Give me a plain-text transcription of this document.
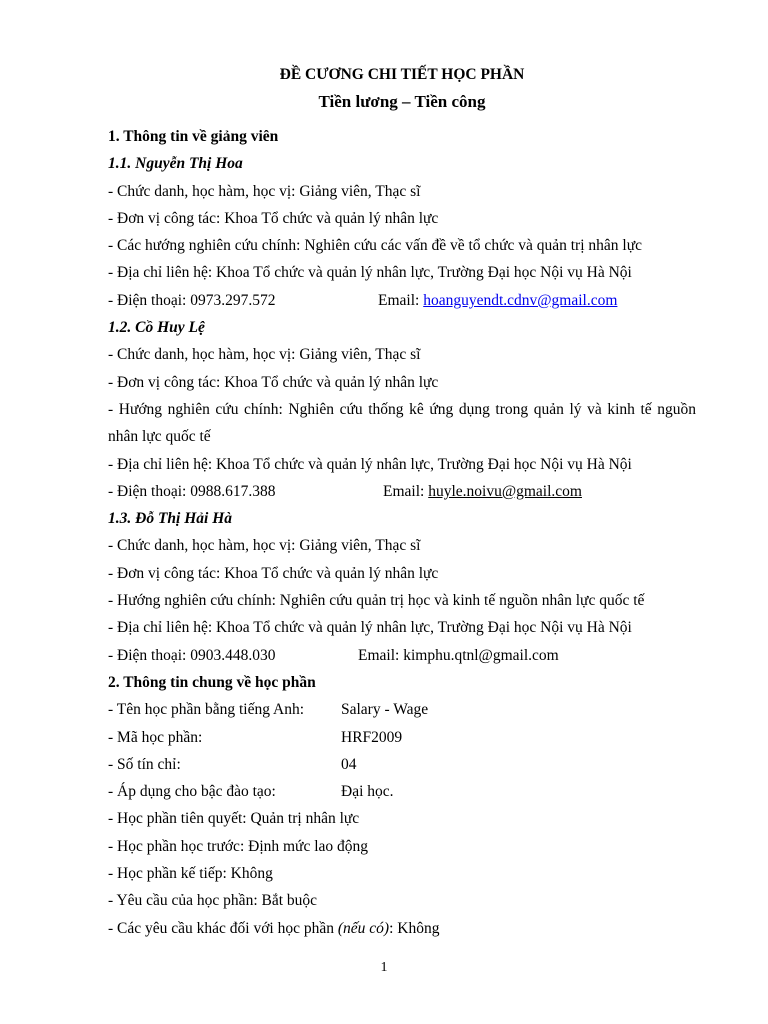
ĐỀ CƯƠNG CHI TIẾT HỌC PHẦN
Tiền lương – Tiền công
1. Thông tin về giảng viên
1.1. Nguyễn Thị Hoa
- Chức danh, học hàm, học vị: Giảng viên, Thạc sĩ
- Đơn vị công tác: Khoa Tổ chức và quản lý nhân lực
- Các hướng nghiên cứu chính: Nghiên cứu các vấn đề về tổ chức và quản trị nhân lực
- Địa chỉ liên hệ: Khoa Tổ chức và quản lý nhân lực, Trường Đại học Nội vụ Hà Nội
- Điện thoại: 0973.297.572	Email: hoanguyendt.cdnv@gmail.com
1.2. Cồ Huy Lệ
- Chức danh, học hàm, học vị: Giảng viên, Thạc sĩ
- Đơn vị công tác: Khoa Tổ chức và quản lý nhân lực
- Hướng nghiên cứu chính: Nghiên cứu thống kê ứng dụng trong quản lý và kinh tế nguồn nhân lực quốc tế
- Địa chỉ liên hệ: Khoa Tổ chức và quản lý nhân lực, Trường Đại học Nội vụ Hà Nội
- Điện thoại: 0988.617.388	Email: huyle.noivu@gmail.com
1.3. Đỗ Thị Hải Hà
- Chức danh, học hàm, học vị: Giảng viên, Thạc sĩ
- Đơn vị công tác: Khoa Tổ chức và quản lý nhân lực
- Hướng nghiên cứu chính: Nghiên cứu quản trị học và kinh tế nguồn nhân lực quốc tế
- Địa chỉ liên hệ: Khoa Tổ chức và quản lý nhân lực, Trường Đại học Nội vụ Hà Nội
- Điện thoại: 0903.448.030	Email: kimphu.qtnl@gmail.com
2. Thông tin chung về học phần
- Tên học phần bằng tiếng Anh: Salary - Wage
- Mã học phần:	HRF2009
- Số tín chỉ:	04
- Áp dụng cho bậc đào tạo:	Đại học.
- Học phần tiên quyết: Quản trị nhân lực
- Học phần học trước: Định mức lao động
- Học phần kế tiếp: Không
- Yêu cầu của học phần: Bắt buộc
- Các yêu cầu khác đối với học phần (nếu có): Không
1
